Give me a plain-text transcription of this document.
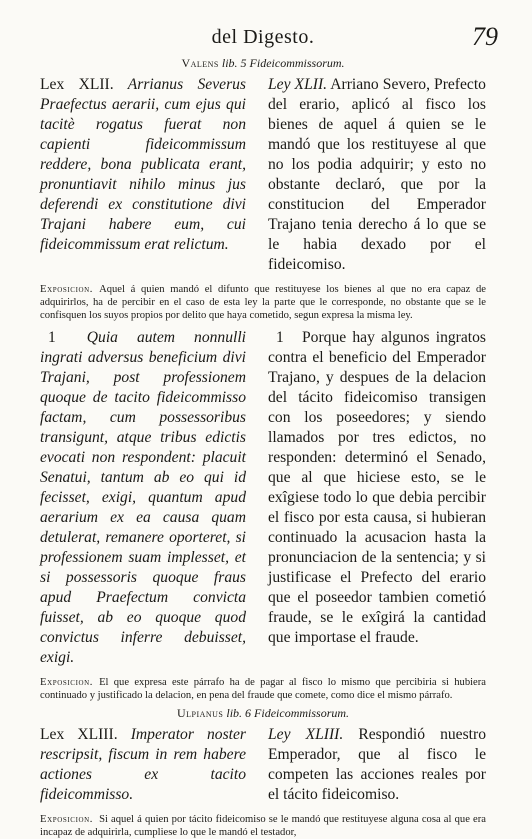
del Digesto.	79
Valens lib. 5 Fideicommissorum.
Lex XLII. Arrianus Severus Praefectus aerarii, cum ejus qui tacitè rogatus fuerat non capienti fideicommissum reddere, bona publicata erant, pronuntiavit nihilo minus jus deferendi ex constitutione divi Trajani habere eum, cui fideicommissum erat relictum.
Ley XLII. Arriano Severo, Prefecto del erario, aplicó al fisco los bienes de aquel á quien se le mandó que los restituyese al que no los podia adquirir; y esto no obstante declaró, que por la constitucion del Emperador Trajano tenia derecho á lo que se le habia dexado por el fideicomiso.
Exposicion. Aquel á quien mandó el difunto que restituyese los bienes al que no era capaz de adquirirlos, ha de percibir en el caso de esta ley la parte que le corresponde, no obstante que se le confisquen los suyos propios por delito que haya cometido, segun expresa la misma ley.
1 Quia autem nonnulli ingrati adversus beneficium divi Trajani, post professionem quoque de tacito fideicommisso factam, cum possessoribus transigunt, atque tribus edictis evocati non respondent: placuit Senatui, tantum ab eo qui id fecisset, exigi, quantum apud aerarium ex ea causa quam detulerat, remanere oporteret, si professionem suam implesset, et si possessoris quoque fraus apud Praefectum convicta fuisset, ab eo quoque quod convictus inferre debuisset, exigi.
1 Porque hay algunos ingratos contra el beneficio del Emperador Trajano, y despues de la delacion del tácito fideicomiso transigen con los poseedores; y siendo llamados por tres edictos, no responden: determinó el Senado, que al que hiciese esto, se le exîgiese todo lo que debia percibir el fisco por esta causa, si hubieran continuado la acusacion hasta la pronunciacion de la sentencia; y si justificase el Prefecto del erario que el poseedor tambien cometió fraude, se le exîgirá la cantidad que importase el fraude.
Exposicion. El que expresa este párrafo ha de pagar al fisco lo mismo que percibiria si hubiera continuado y justificado la delacion, en pena del fraude que comete, como dice el mismo párrafo.
Ulpianus lib. 6 Fideicommissorum.
Lex XLIII. Imperator noster rescripsit, fiscum in rem habere actiones ex tacito fideicommisso.
Ley XLIII. Respondió nuestro Emperador, que al fisco le competen las acciones reales por el tácito fideicomiso.
Exposicion. Si aquel á quien por tácito fideicomiso se le mandó que restituyese alguna cosa al que era incapaz de adquirirla, cumpliese lo que le mandó el testador,
